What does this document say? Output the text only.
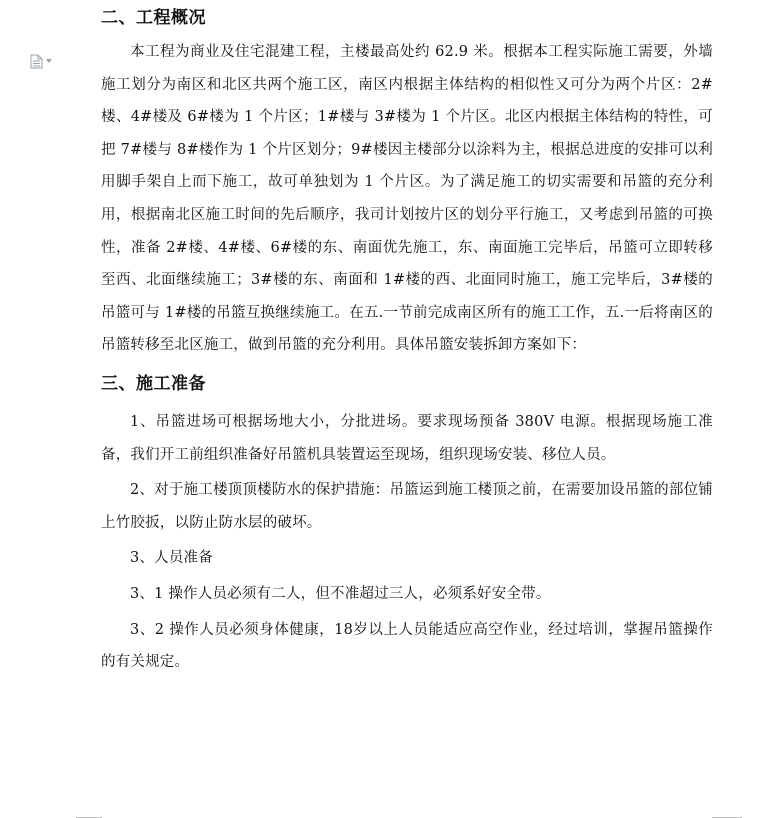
二、工程概况

本工程为商业及住宅混建工程，主楼最高处约 62.9 米。根据本工程实际施工需要，外墙施工划分为南区和北区共两个施工区，南区内根据主体结构的相似性又可分为两个片区：2#楼、4#楼及 6#楼为 1 个片区；1#楼与 3#楼为 1 个片区。北区内根据主体结构的特性，可把 7#楼与 8#楼作为 1 个片区划分；9#楼因主楼部分以涂料为主，根据总进度的安排可以利用脚手架自上而下施工，故可单独划为 1 个片区。为了满足施工的切实需要和吊篮的充分利用，根据南北区施工时间的先后顺序，我司计划按片区的划分平行施工，又考虑到吊篮的可换性，准备 2#楼、4#楼、6#楼的东、南面优先施工，东、南面施工完毕后，吊篮可立即转移至西、北面继续施工；3#楼的东、南面和 1#楼的西、北面同时施工，施工完毕后，3#楼的吊篮可与 1#楼的吊篮互换继续施工。在五.一节前完成南区所有的施工工作，五.一后将南区的吊篮转移至北区施工，做到吊篮的充分利用。具体吊篮安装拆卸方案如下：

三、施工准备

1、吊篮进场可根据场地大小，分批进场。要求现场预备 380V 电源。根据现场施工准备，我们开工前组织准备好吊篮机具装置运至现场，组织现场安装、移位人员。

2、对于施工楼顶顶楼防水的保护措施：吊篮运到施工楼顶之前，在需要加设吊篮的部位铺上竹胶扳，以防止防水层的破坏。

3、人员准备

3、1 操作人员必须有二人，但不准超过三人，必须系好安全带。

3、2 操作人员必须身体健康，18岁以上人员能适应高空作业，经过培训，掌握吊篮操作的有关规定。
